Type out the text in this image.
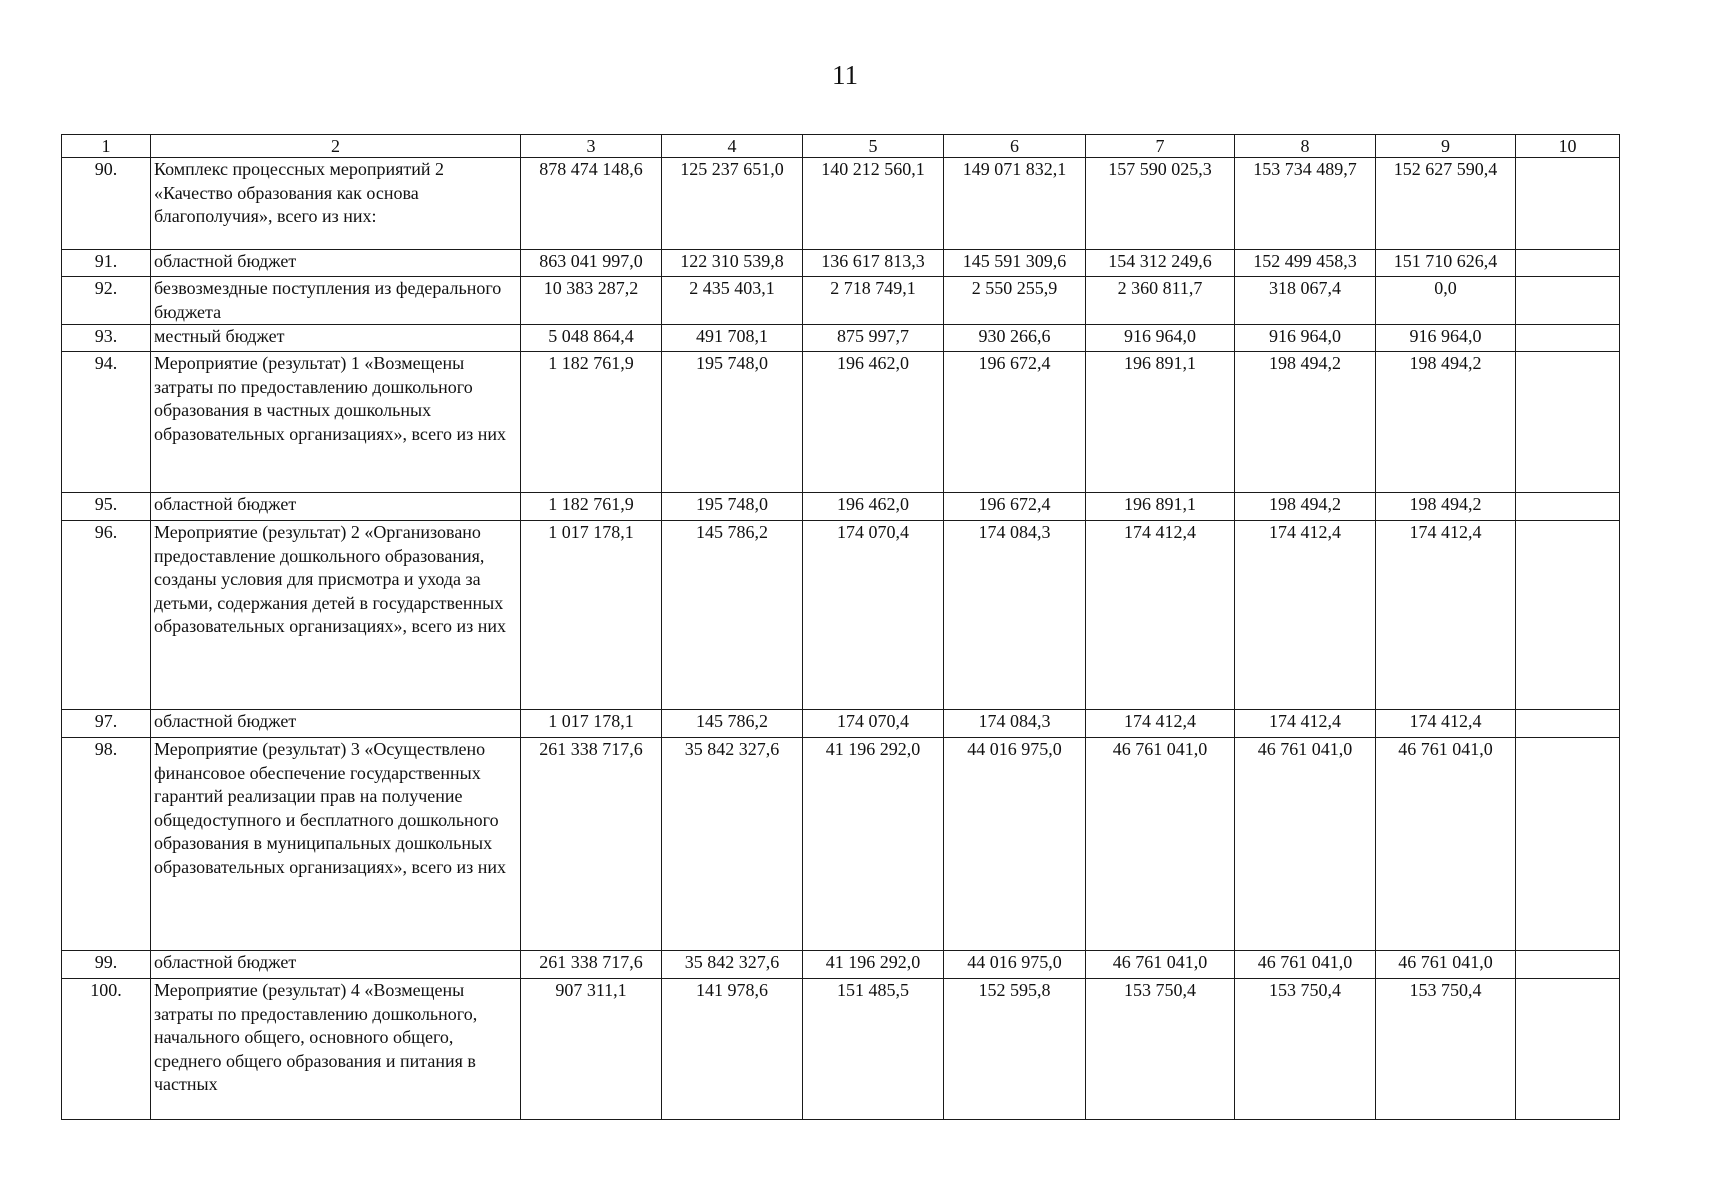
11
1	2	3	4	5	6	7	8	9	10
90.	Комплекс процессных мероприятий 2 «Качество образования как основа благополучия», всего из них:	878 474 148,6	125 237 651,0	140 212 560,1	149 071 832,1	157 590 025,3	153 734 489,7	152 627 590,4	
91.	областной бюджет	863 041 997,0	122 310 539,8	136 617 813,3	145 591 309,6	154 312 249,6	152 499 458,3	151 710 626,4	
92.	безвозмездные поступления из федерального бюджета	10 383 287,2	2 435 403,1	2 718 749,1	2 550 255,9	2 360 811,7	318 067,4	0,0	
93.	местный бюджет	5 048 864,4	491 708,1	875 997,7	930 266,6	916 964,0	916 964,0	916 964,0	
94.	Мероприятие (результат) 1 «Возмещены затраты по предоставлению дошкольного образования в частных дошкольных образовательных организациях», всего из них	1 182 761,9	195 748,0	196 462,0	196 672,4	196 891,1	198 494,2	198 494,2	
95.	областной бюджет	1 182 761,9	195 748,0	196 462,0	196 672,4	196 891,1	198 494,2	198 494,2	
96.	Мероприятие (результат) 2 «Организовано предоставление дошкольного образования, созданы условия для присмотра и ухода за детьми, содержания детей в государственных образовательных организациях», всего из них	1 017 178,1	145 786,2	174 070,4	174 084,3	174 412,4	174 412,4	174 412,4	
97.	областной бюджет	1 017 178,1	145 786,2	174 070,4	174 084,3	174 412,4	174 412,4	174 412,4	
98.	Мероприятие (результат) 3 «Осуществлено финансовое обеспечение государственных гарантий реализации прав на получение общедоступного и бесплатного дошкольного образования в муниципальных дошкольных образовательных организациях», всего из них	261 338 717,6	35 842 327,6	41 196 292,0	44 016 975,0	46 761 041,0	46 761 041,0	46 761 041,0	
99.	областной бюджет	261 338 717,6	35 842 327,6	41 196 292,0	44 016 975,0	46 761 041,0	46 761 041,0	46 761 041,0	
100.	Мероприятие (результат) 4 «Возмещены затраты по предоставлению дошкольного, начального общего, основного общего, среднего общего образования и питания в частных	907 311,1	141 978,6	151 485,5	152 595,8	153 750,4	153 750,4	153 750,4	
